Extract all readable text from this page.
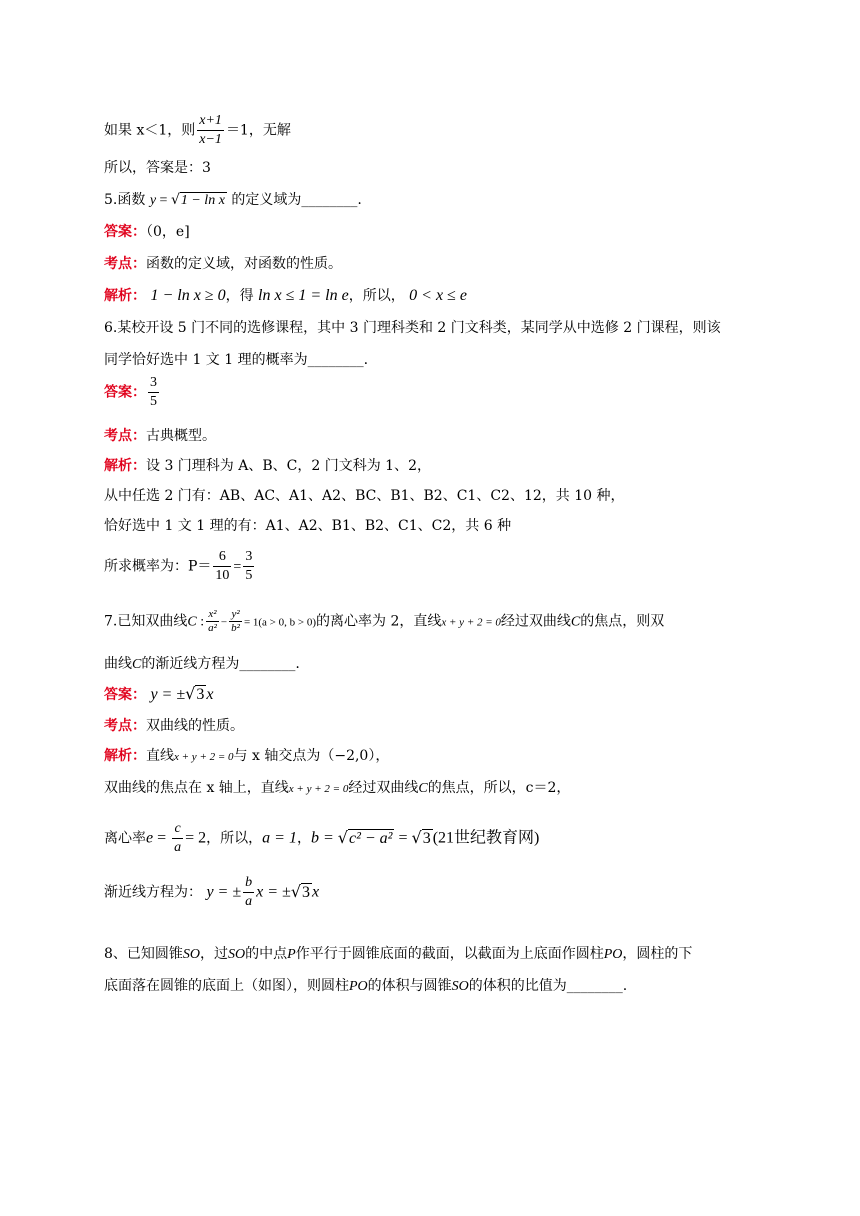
如果 x＜1，则 $\frac{x+1}{x-1} =1$，无解
所以，答案是：3
5.函数 y = √1 − ln x 的定义域为________.
答案：（0，e]
考点：函数的定义域，对函数的性质。
解析： 1 − ln x ≥ 0，得 ln x ≤ 1 = ln e，所以， 0 < x ≤ e
6.某校开设 5 门不同的选修课程，其中 3 门理科类和 2 门文科类，某同学从中选修 2 门课程，则该
同学恰好选中 1 文 1 理的概率为________.
答案： $\frac{3}{5}$
考点：古典概型。
解析：设 3 门理科为 A、B、C，2 门文科为 1、2，
从中任选 2 门有：AB、AC、A1、A2、BC、B1、B2、C1、C2、12，共 10 种，
恰好选中 1 文 1 理的有：A1、A2、B1、B2、C1、C2，共 6 种
所求概率为：$P= \frac{6}{10} = \frac{3}{5}$
7.已知双曲线C : $\frac{\text{x²}}{\text{a²}} - \frac{\text{y²}}{\text{b²}} = 1(a > 0$, b > 0)的离心率为 2，直线x + y + 2 = 0经过双曲线C的焦点，则双
曲线C的渐近线方程为________.
答案： y = ±√3 x
考点：双曲线的性质。
解析：直线x + y + 2 = 0与 x 轴交点为（−2,0），
双曲线的焦点在 x 轴上，直线x + y + 2 = 0经过双曲线C的焦点，所以，c＝2，
离心率$e = \frac{c}{a} = 2$，所以，a = 1，b = √c² − a² = √3 (21世纪教育网)
渐近线方程为： y = ± $\frac{b}{a}$ x = ±√3 x
8、已知圆锥SO，过SO的中点P作平行于圆锥底面的截面，以截面为上底面作圆柱PO，圆柱的下
底面落在圆锥的底面上（如图），则圆柱PO的体积与圆锥SO的体积的比值为________.
